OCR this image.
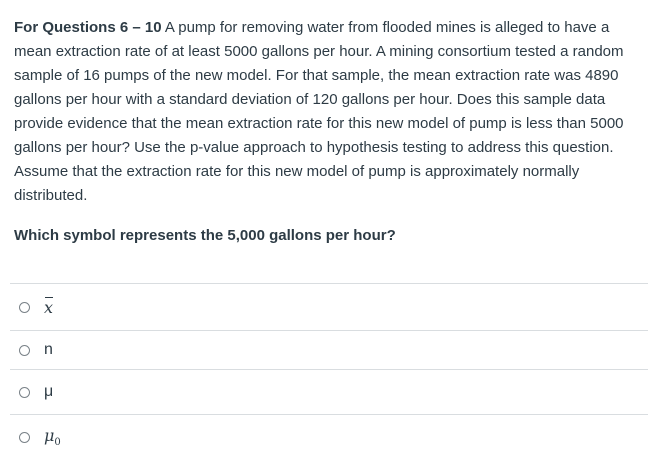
For Questions 6 – 10 A pump for removing water from flooded mines is alleged to have a mean extraction rate of at least 5000 gallons per hour. A mining consortium tested a random sample of 16 pumps of the new model. For that sample, the mean extraction rate was 4890 gallons per hour with a standard deviation of 120 gallons per hour. Does this sample data provide evidence that the mean extraction rate for this new model of pump is less than 5000 gallons per hour? Use the p-value approach to hypothesis testing to address this question. Assume that the extraction rate for this new model of pump is approximately normally distributed.
Which symbol represents the 5,000 gallons per hour?
x
n
μ
$\mu_0$
